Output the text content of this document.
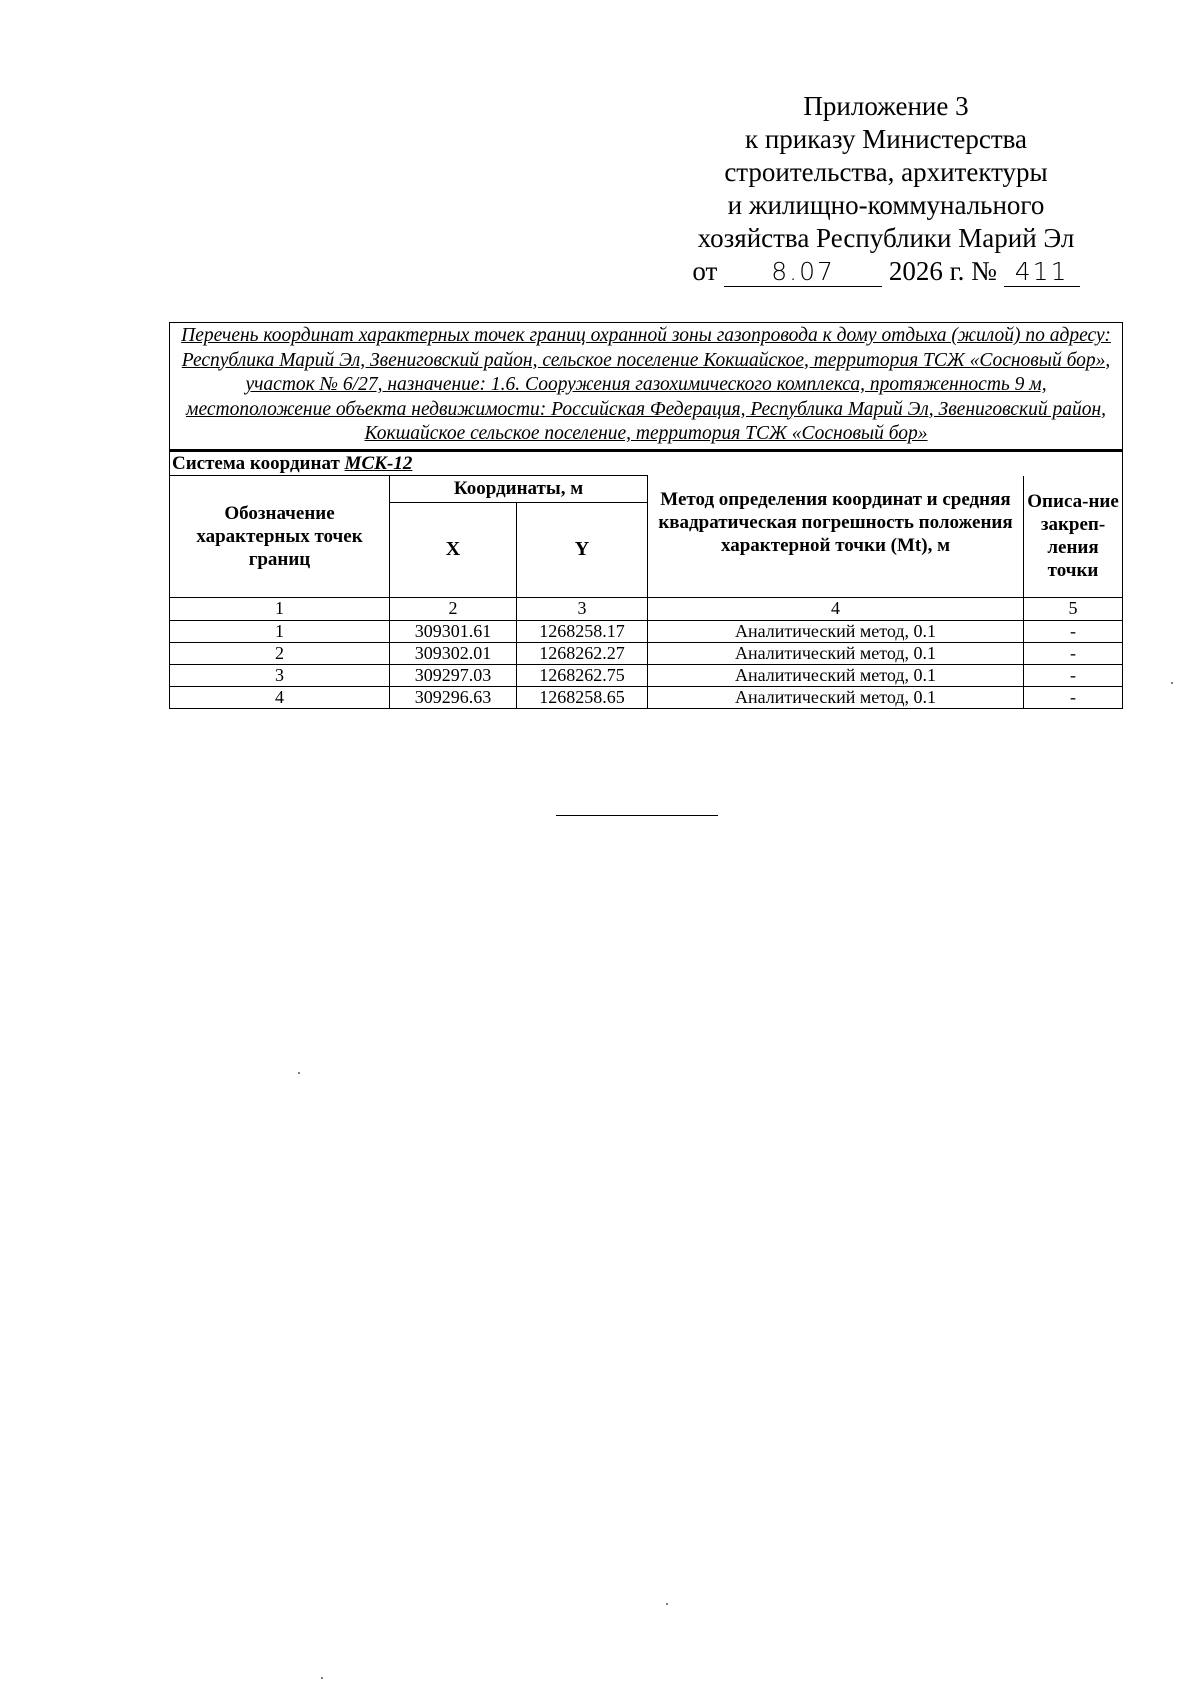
Приложение 3
к приказу Министерства
строительства, архитектуры
и жилищно-коммунального
хозяйства Республики Марий Эл
от 8.07 2026 г. № 411
Перечень координат характерных точек границ охранной зоны газопровода к дому отдыха (жилой) по адресу: Республика Марий Эл, Звениговский район, сельское поселение Кокшайское, территория ТСЖ «Сосновый бор», участок № 6/27, назначение: 1.6. Сооружения газохимического комплекса, протяженность 9 м, местоположение объекта недвижимости: Российская Федерация, Республика Марий Эл, Звениговский район, Кокшайское сельское поселение, территория ТСЖ «Сосновый бор»				
Система координат МСК-12				
Обозначение характерных точек границ	Координаты, м		Метод определения координат и средняя квадратическая погрешность положения характерной точки (Mt), м	Описа-ние закреп-ления точки
	X	Y		
1	2	3	4	5
1	309301.61	1268258.17	Аналитический метод, 0.1	-
2	309302.01	1268262.27	Аналитический метод, 0.1	-
3	309297.03	1268262.75	Аналитический метод, 0.1	-
4	309296.63	1268258.65	Аналитический метод, 0.1	-
